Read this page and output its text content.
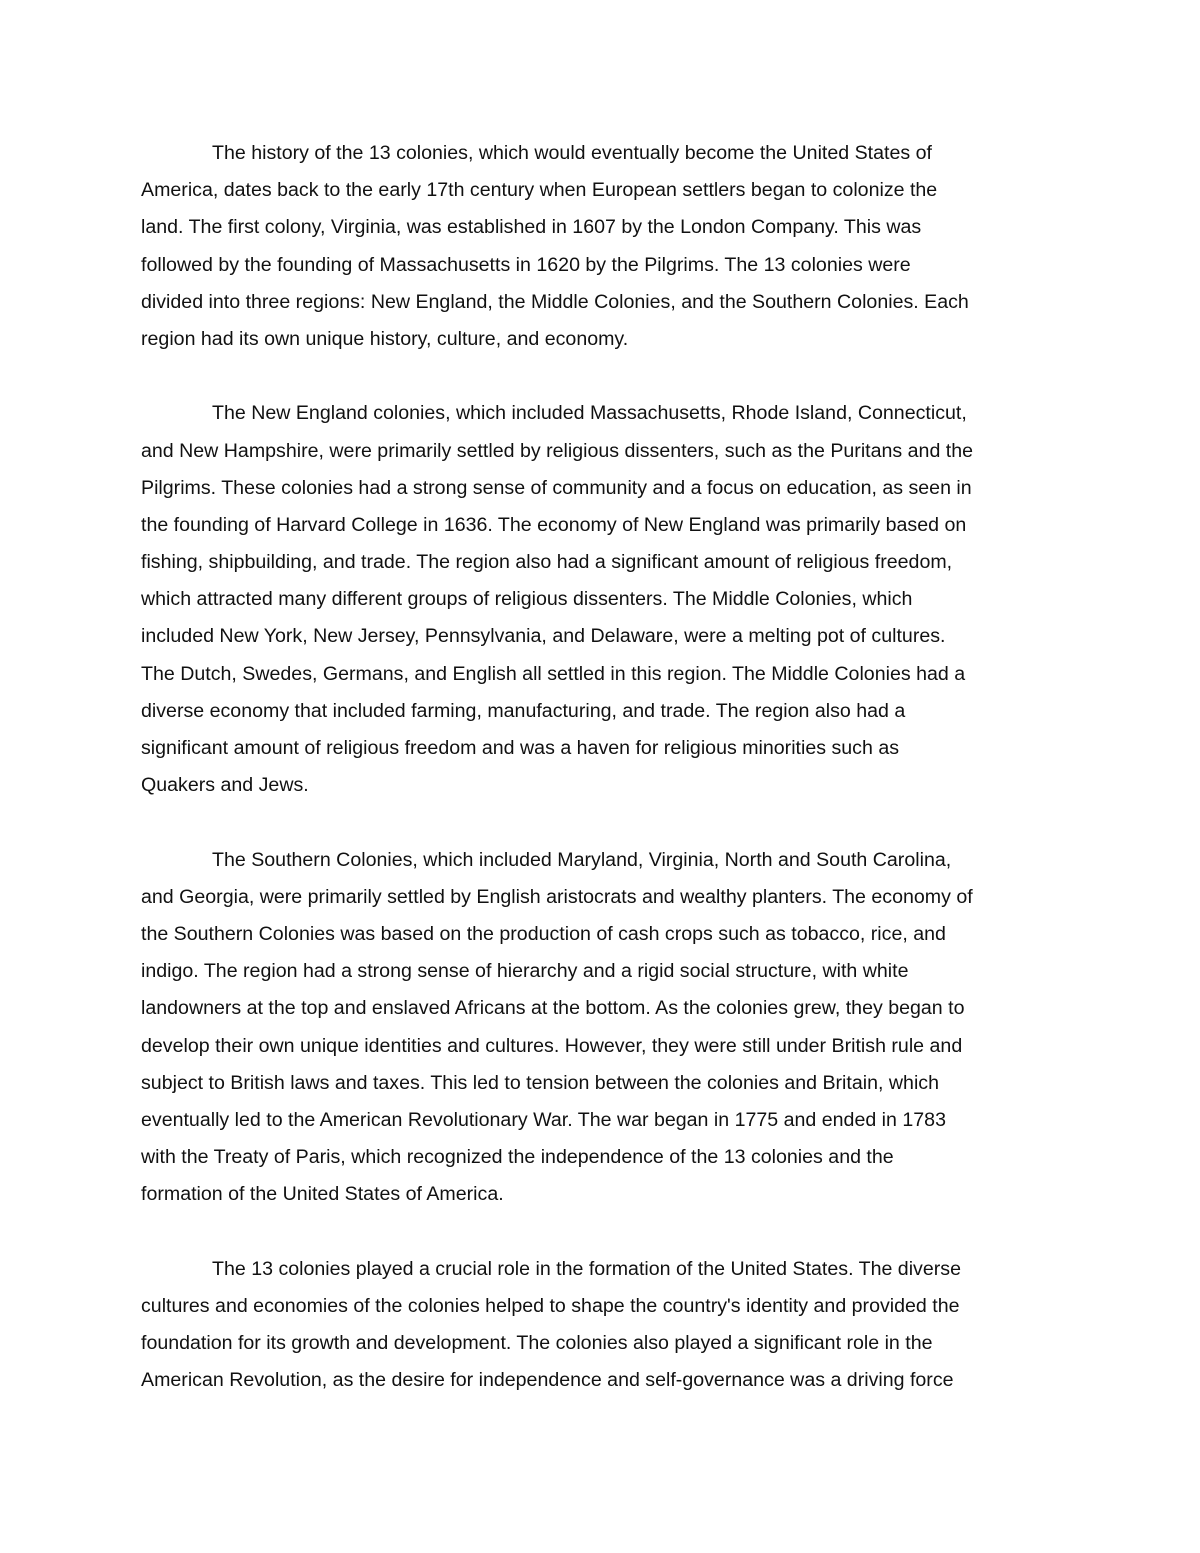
The history of the 13 colonies, which would eventually become the United States of
America, dates back to the early 17th century when European settlers began to colonize the
land. The first colony, Virginia, was established in 1607 by the London Company. This was
followed by the founding of Massachusetts in 1620 by the Pilgrims. The 13 colonies were
divided into three regions: New England, the Middle Colonies, and the Southern Colonies. Each
region had its own unique history, culture, and economy.
The New England colonies, which included Massachusetts, Rhode Island, Connecticut,
and New Hampshire, were primarily settled by religious dissenters, such as the Puritans and the
Pilgrims. These colonies had a strong sense of community and a focus on education, as seen in
the founding of Harvard College in 1636. The economy of New England was primarily based on
fishing, shipbuilding, and trade. The region also had a significant amount of religious freedom,
which attracted many different groups of religious dissenters. The Middle Colonies, which
included New York, New Jersey, Pennsylvania, and Delaware, were a melting pot of cultures.
The Dutch, Swedes, Germans, and English all settled in this region. The Middle Colonies had a
diverse economy that included farming, manufacturing, and trade. The region also had a
significant amount of religious freedom and was a haven for religious minorities such as
Quakers and Jews.
The Southern Colonies, which included Maryland, Virginia, North and South Carolina,
and Georgia, were primarily settled by English aristocrats and wealthy planters. The economy of
the Southern Colonies was based on the production of cash crops such as tobacco, rice, and
indigo. The region had a strong sense of hierarchy and a rigid social structure, with white
landowners at the top and enslaved Africans at the bottom. As the colonies grew, they began to
develop their own unique identities and cultures. However, they were still under British rule and
subject to British laws and taxes. This led to tension between the colonies and Britain, which
eventually led to the American Revolutionary War. The war began in 1775 and ended in 1783
with the Treaty of Paris, which recognized the independence of the 13 colonies and the
formation of the United States of America.
The 13 colonies played a crucial role in the formation of the United States. The diverse
cultures and economies of the colonies helped to shape the country's identity and provided the
foundation for its growth and development. The colonies also played a significant role in the
American Revolution, as the desire for independence and self-governance was a driving force
